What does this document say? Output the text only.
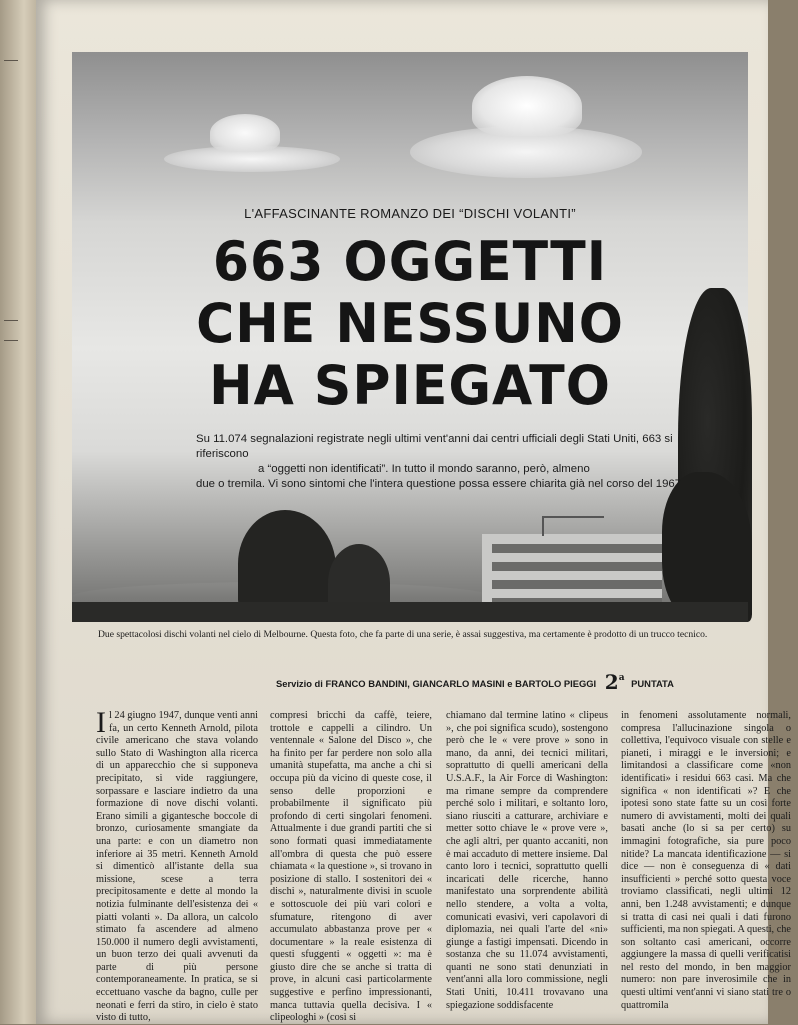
L'AFFASCINANTE ROMANZO DEI “DISCHI VOLANTI”
663 OGGETTI
CHE NESSUNO
HA SPIEGATO
Su 11.074 segnalazioni registrate negli ultimi vent'anni dai centri ufficiali degli Stati Uniti, 663 si riferiscono
a “oggetti non identificati”. In tutto il mondo saranno, però, almeno
due o tremila. Vi sono sintomi che l'intera questione possa essere chiarita già nel corso del 1967
Due spettacolosi dischi volanti nel cielo di Melbourne. Questa foto, che fa parte di una serie, è assai suggestiva, ma certamente è prodotto di un trucco tecnico.
Servizio di FRANCO BANDINI, GIANCARLO MASINI e BARTOLO PIEGGI 2$^a$ PUNTATA
I l 24 giugno 1947, dunque venti anni fa, un certo Kenneth Arnold, pilota civile americano che stava volando sullo Stato di Washington alla ricerca di un apparecchio che si supponeva precipitato, si vide raggiungere, sorpassare e lasciare indietro da una formazione di nove dischi volanti. Erano simili a gigantesche boccole di bronzo, curiosamente smangiate da una parte: e con un diametro non inferiore ai 35 metri. Kenneth Arnold si dimenticò all'istante della sua missione, scese a terra precipitosamente e dette al mondo la notizia fulminante dell'esistenza dei « piatti volanti ». Da allora, un calcolo stimato fa ascendere ad almeno 150.000 il numero degli avvistamenti, un buon terzo dei quali avvenuti da parte di più persone contemporaneamente. In pratica, se si eccettuano vasche da bagno, culle per neonati e ferri da stiro, in cielo è stato visto di tutto,

compresi bricchi da caffè, teiere, trottole e cappelli a cilindro. Un ventennale « Salone del Disco », che ha finito per far perdere non solo alla umanità stupefatta, ma anche a chi si occupa più da vicino di queste cose, il senso delle proporzioni e probabilmente il significato più profondo di certi singolari fenomeni. Attualmente i due grandi partiti che si sono formati quasi immediatamente all'ombra di questa che può essere chiamata « la questione », si trovano in posizione di stallo. I sostenitori dei « dischi », naturalmente divisi in scuole e sottoscuole dei più vari colori e sfumature, ritengono di aver accumulato abbastanza prove per « documentare » la reale esistenza di questi sfuggenti « oggetti »: ma è giusto dire che se anche si tratta di prove, in alcuni casi particolarmente suggestive e perfino impressionanti, manca tuttavia quella decisiva. I « clipeologhi » (così si

chiamano dal termine latino « clipeus », che poi significa scudo), sostengono però che le « vere prove » sono in mano, da anni, dei tecnici militari, soprattutto di quelli americani della U.S.A.F., la Air Force di Washington: ma rimane sempre da comprendere perché solo i militari, e soltanto loro, siano riusciti a catturare, archiviare e metter sotto chiave le « prove vere », che agli altri, per quanto accaniti, non è mai accaduto di mettere insieme. Dal canto loro i tecnici, soprattutto quelli incaricati delle ricerche, hanno manifestato una sorprendente abilità nello stendere, a volta a volta, comunicati evasivi, veri capolavori di diplomazia, nei quali l'arte del «ni» giunge a fastigi impensati. Dicendo in sostanza che su 11.074 avvistamenti, quanti ne sono stati denunziati in vent'anni alla loro commissione, negli Stati Uniti, 10.411 trovavano una spiegazione soddisfacente

in fenomeni assolutamente normali, compresa l'allucinazione singola o collettiva, l'equivoco visuale con stelle e pianeti, i miraggi e le inversioni; e limitandosi a classificare come «non identificati» i residui 663 casi. Ma che significa « non identificati »? E che ipotesi sono state fatte su un così forte numero di avvistamenti, molti dei quali basati anche (lo si sa per certo) su immagini fotografiche, sia pure poco nitide? La mancata identificazione — si dice — non è conseguenza di « dati insufficienti » perché sotto questa voce troviamo classificati, negli ultimi 12 anni, ben 1.248 avvistamenti; e dunque si tratta di casi nei quali i dati furono sufficienti, ma non spiegati. A questi, che son soltanto casi americani, occorre aggiungere la massa di quelli verificatisi nel resto del mondo, in ben maggior numero: non pare inverosimile che in questi ultimi vent'anni vi siano stati tre o quattromila
